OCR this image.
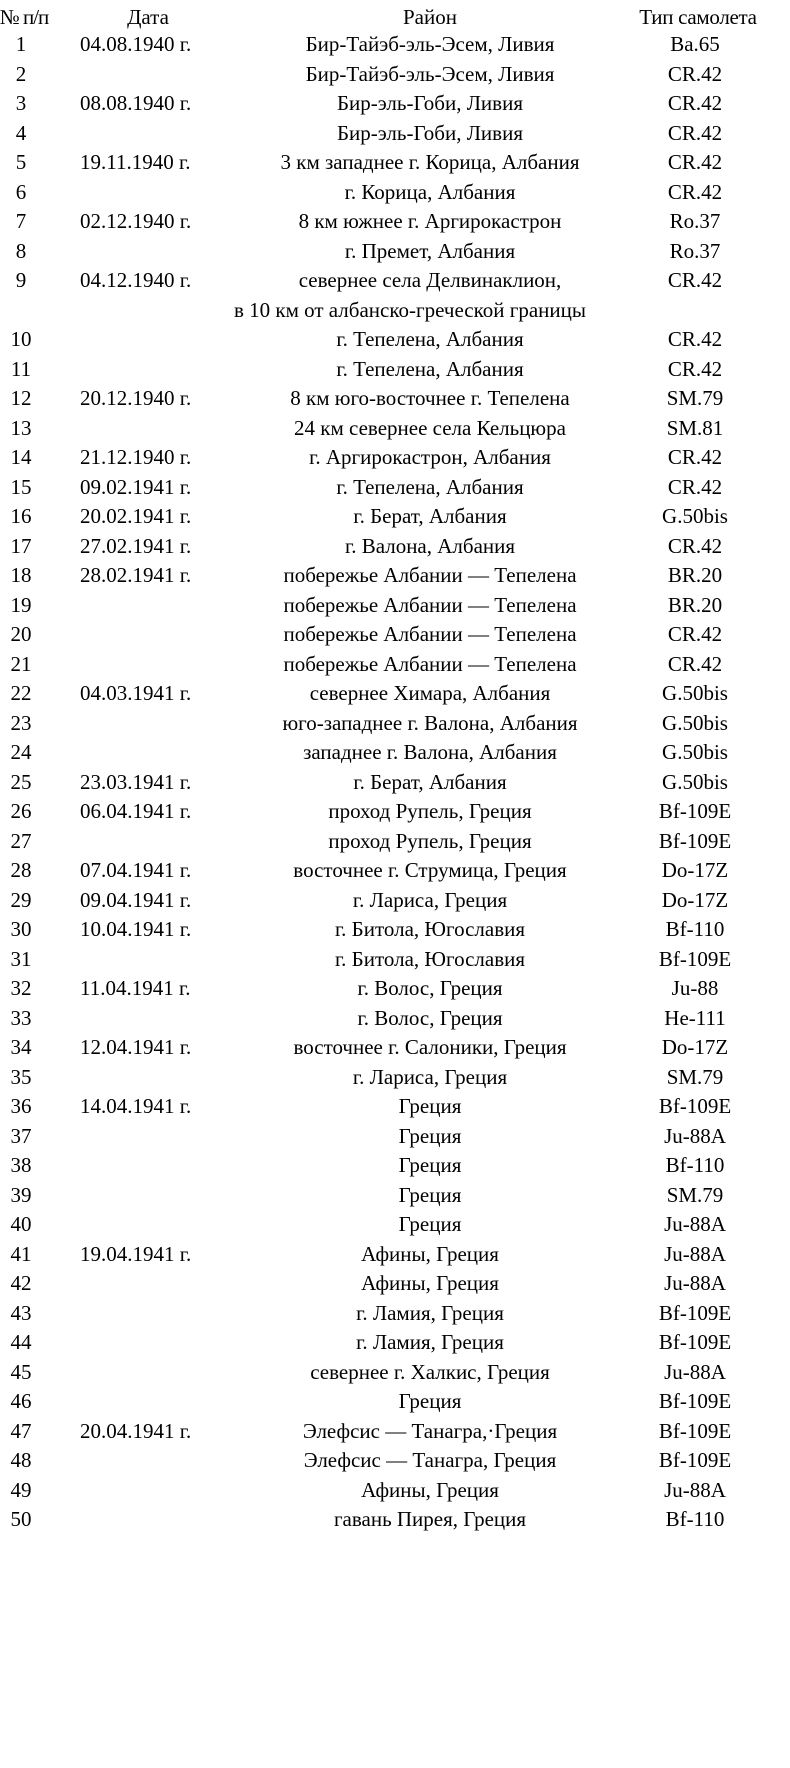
№ п/п	Дата	Район	Тип самолета
1	04.08.1940 г.	Бир-Тайэб-эль-Эсем, Ливия	Ba.65
2	Бир-Тайэб-эль-Эсем, Ливия	CR.42
3	08.08.1940 г.	Бир-эль-Гоби, Ливия	CR.42
4	Бир-эль-Гоби, Ливия	CR.42
5	19.11.1940 г.	3 км западнее г. Корица, Албания	CR.42
6	г. Корица, Албания	CR.42
7	02.12.1940 г.	8 км южнее г. Аргирокастрон	Ro.37
8	г. Премет, Албания	Ro.37
9	04.12.1940 г.	севернее села Делвинаклион,	CR.42
в 10 км от албанско-греческой границы
10	г. Тепелена, Албания	CR.42
11	г. Тепелена, Албания	CR.42
12	20.12.1940 г.	8 км юго-восточнее г. Тепелена	SM.79
13	24 км севернее села Кельцюра	SM.81
14	21.12.1940 г.	г. Аргирокастрон, Албания	CR.42
15	09.02.1941 г.	г. Тепелена, Албания	CR.42
16	20.02.1941 г.	г. Берат, Албания	G.50bis
17	27.02.1941 г.	г. Валона, Албания	CR.42
18	28.02.1941 г.	побережье Албании — Тепелена	BR.20
19	побережье Албании — Тепелена	BR.20
20	побережье Албании — Тепелена	CR.42
21	побережье Албании — Тепелена	CR.42
22	04.03.1941 г.	севернее Химара, Албания	G.50bis
23	юго-западнее г. Валона, Албания	G.50bis
24	западнее г. Валона, Албания	G.50bis
25	23.03.1941 г.	г. Берат, Албания	G.50bis
26	06.04.1941 г.	проход Рупель, Греция	Bf-109E
27	проход Рупель, Греция	Bf-109E
28	07.04.1941 г.	восточнее г. Струмица, Греция	Do-17Z
29	09.04.1941 г.	г. Лариса, Греция	Do-17Z
30	10.04.1941 г.	г. Битола, Югославия	Bf-110
31	г. Битола, Югославия	Bf-109E
32	11.04.1941 г.	г. Волос, Греция	Ju-88
33	г. Волос, Греция	He-111
34	12.04.1941 г.	восточнее г. Салоники, Греция	Do-17Z
35	г. Лариса, Греция	SM.79
36	14.04.1941 г.	Греция	Bf-109E
37	Греция	Ju-88A
38	Греция	Bf-110
39	Греция	SM.79
40	Греция	Ju-88A
41	19.04.1941 г.	Афины, Греция	Ju-88A
42	Афины, Греция	Ju-88A
43	г. Ламия, Греция	Bf-109E
44	г. Ламия, Греция	Bf-109E
45	севернее г. Халкис, Греция	Ju-88A
46	Греция	Bf-109E
47	20.04.1941 г.	Элефсис — Танагра,·Греция	Bf-109E
48	Элефсис — Танагра, Греция	Bf-109E
49	Афины, Греция	Ju-88A
50	гавань Пирея, Греция	Bf-110
